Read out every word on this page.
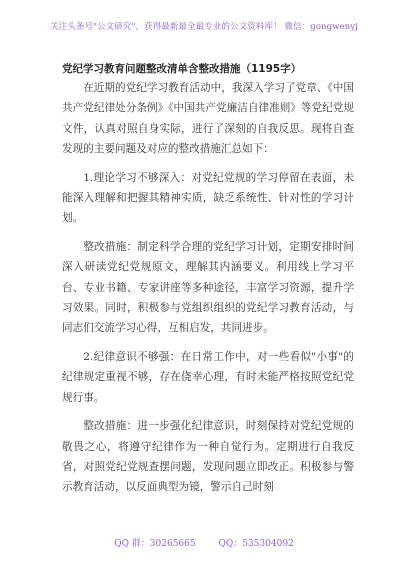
关注头条号"公文研究"，获得最新最全最专业的公文资料库！ 微信：gongwenyj
党纪学习教育问题整改清单含整改措施（1195字）

在近期的党纪学习教育活动中，我深入学习了党章、《中国共产党纪律处分条例》《中国共产党廉洁自律准则》等党纪党规文件，认真对照自身实际，进行了深刻的自我反思。现将自查发现的主要问题及对应的整改措施汇总如下：

1.理论学习不够深入：对党纪党规的学习停留在表面，未能深入理解和把握其精神实质，缺乏系统性、针对性的学习计划。

整改措施：制定科学合理的党纪学习计划，定期安排时间深入研读党纪党规原文，理解其内涵要义。利用线上学习平台、专业书籍、专家讲座等多种途径，丰富学习资源，提升学习效果。同时，积极参与党组织组织的党纪学习教育活动，与同志们交流学习心得，互相启发，共同进步。

2.纪律意识不够强：在日常工作中，对一些看似"小事"的纪律规定重视不够，存在侥幸心理，有时未能严格按照党纪党规行事。

整改措施：进一步强化纪律意识，时刻保持对党纪党规的敬畏之心，将遵守纪律作为一种自觉行为。定期进行自我反省，对照党纪党规查摆问题，发现问题立即改正。积极参与警示教育活动，以反面典型为镜，警示自己时刻

QQ 群：30265665	QQ：535304092
